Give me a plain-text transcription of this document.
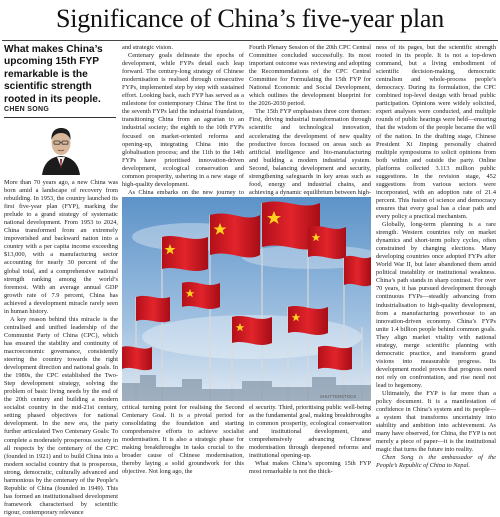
Significance of China’s five-year plan
What makes China’s upcoming 15th FYP remarkable is the scientific strength rooted in its people.
CHEN SONG

More than 70 years ago, a new China was born amid a landscape of recovery from rebuilding. In 1953, the country launched its first five-year plan (FYP), marking the prelude to a grand strategy of systematic national development. From 1953 to 2024, China transformed from an extremely impoverished and backward nation into a country with a per capita income exceeding $13,000, with a manufacturing sector accounting for nearly 30 percent of the global total, and a comprehensive national strength ranking among the world’s foremost. With an average annual GDP growth rate of 7.9 percent, China has achieved a development miracle rarely seen in human history.

A key reason behind this miracle is the centralised and unified leadership of the Communist Party of China (CPC), which has ensured the stability and continuity of macroeconomic governance, consistently steering the country towards the right development direction and national goals. In the 1980s, the CPC established the Two-Step development strategy, solving the problem of basic living needs by the end of the 20th century and building a modern socialist country in the mid-21st century, setting phased objectives for national development. In the new era, the party further articulated Two Centenary Goals: To complete a moderately prosperous society in all respects by the centenary of the CPC (founded in 1921) and to build China into a modern socialist country that is prosperous, strong, democratic, culturally advanced and harmonious by the centenary of the People’s Republic of China (founded in 1949). This has formed an institutionalised development framework characterised by scientific rigour, contemporary relevance

and strategic vision.

Centenary goals delineate the epochs of development, while FYPs detail each leap forward. The century-long strategy of Chinese modernisation is realised through consecutive FYPs, implemented step by step with sustained effort. Looking back, each FYP has served as a milestone for contemporary China: The first to the seventh FYPs laid the industrial foundation, transitioning China from an agrarian to an industrial society; the eighth to the 10th FYPs focused on market-oriented reforms and opening-up, integrating China into the globalisation process; and the 11th to the 14th FYPs have prioritised innovation-driven development, ecological conservation and common prosperity, ushering in a new stage of high-quality development.

As China embarks on the new journey to

Fourth Plenary Session of the 20th CPC Central Committee concluded successfully. Its most important outcome was reviewing and adopting the Recommendations of the CPC Central Committee for Formulating the 15th FYP for National Economic and Social Development, which outlines the development blueprint for the 2026-2030 period.

The 15th FYP emphasises three core themes: First, driving industrial transformation through scientific and technological innovation, accelerating the development of new quality productive forces focused on areas such as artificial intelligence and bio-manufacturing and building a modern industrial system. Second, balancing development and security, strengthening safeguards in key areas such as food, energy and industrial chains, and achieving a dynamic equilibrium between high-

SHUTTERSTOCK

critical turning point for realising the Second Centenary Goal. It is a pivotal period for consolidating the foundation and starting comprehensive efforts to achieve socialist modernisation. It is also a strategic phase for making breakthroughs in tasks crucial to the broader cause of Chinese modernisation, thereby laying a solid groundwork for this objective. Not long ago, the

el security. Third, prioritising public well-being as the fundamental goal, making breakthroughs in common prosperity, ecological conservation and institutional development, and comprehensively advancing Chinese modernisation through deepened reforms and institutional opening-up.

What makes China’s upcoming 15th FYP most remarkable is not the thick-

ness of its pages, but the scientific strength rooted in its people. It is not a top-down command, but a living embodiment of scientific decision-making, democratic centralism and whole-process people’s democracy. During its formulation, the CPC combined top-level design with broad public participation. Opinions were widely solicited, expert analyses were conducted, and multiple rounds of public hearings were held—ensuring that the wisdom of the people became the will of the nation. In the drafting stage, Chinese President Xi Jinping personally chaired multiple symposiums to solicit opinions from both within and outside the party. Online platforms collected 3.113 million public suggestions. In the revision stage, 452 suggestions from various sectors were incorporated, with an adoption rate of 21.4 percent. This fusion of science and democracy ensures that every goal has a clear path and every policy a practical mechanism.

Globally, long-term planning is a rare strength. Western countries rely on market dynamics and short-term policy cycles, often constrained by changing elections. Many developing countries once adopted FYPs after World War II, but later abandoned them amid political instability or institutional weakness. China’s path stands in sharp contrast. For over 70 years, it has pursued development through continuous FYPs—steadily advancing from industrialisation to high-quality development, from a manufacturing powerhouse to an innovation-driven economy. China’s FYPs unite 1.4 billion people behind common goals. They align market vitality with national strategy, merge scientific planning with democratic practice, and transform grand visions into measurable progress. Its development model proves that progress need not rely on confrontation, and rise need not lead to hegemony.

Ultimately, the FYP is far more than a policy document. It is a manifestation of confidence in China’s system and its people—a system that transforms uncertainty into stability and ambition into achievement. As many have observed, for China, the FYP is not merely a piece of paper—it is the institutional magic that turns the future into reality.

Chen Song is the ambassador of the People’s Republic of China to Nepal.
